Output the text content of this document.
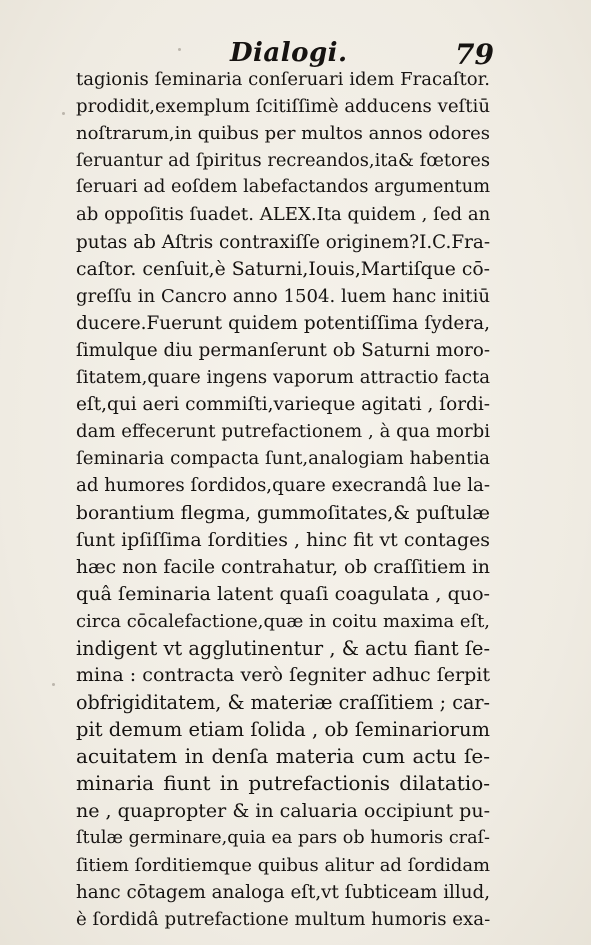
Dialogi.	79
tagionis ſeminaria conſeruari idem Fracaſtor.
prodidit,exemplum ſcitiſſimè adducens veſtiū
noſtrarum,in quibus per multos annos odores
ſeruantur ad ſpiritus recreandos,ita& fœtores
ſeruari ad eoſdem labefactandos argumentum
ab oppoſitis ſuadet. ALEX.Ita quidem , ſed an
putas ab Aſtris contraxiſſe originem?I.C.Fra-
caſtor. cenſuit,è Saturni,Iouis,Martiſque cō-
greſſu in Cancro anno 1504. luem hanc initiū
ducere.Fuerunt quidem potentiſſima ſydera,
ſimulque diu permanſerunt ob Saturni moro-
ſitatem,quare ingens vaporum attractio facta
eſt,qui aeri commiſti,varieque agitati , ſordi-
dam effecerunt putrefactionem , à qua morbi
ſeminaria compacta ſunt,analogiam habentia
ad humores ſordidos,quare execrandâ lue la-
borantium flegma, gummoſitates,& puſtulæ
ſunt ipſiſſima ſordities , hinc fit vt contages
hæc non facile contrahatur, ob craſſitiem in
quâ ſeminaria latent quaſi coagulata , quo-
circa cōcalefactione,quæ in coitu maxima eſt,
indigent vt agglutinentur , & actu fiant ſe-
mina : contracta verò ſegniter adhuc ſerpit
obfrigiditatem, & materiæ craſſitiem ; car-
pit demum etiam ſolida , ob ſeminariorum
acuitatem in denſa materia cum actu ſe-
minaria fiunt in putrefactionis dilatatio-
ne , quapropter & in caluaria occipiunt pu-
ſtulæ germinare,quia ea pars ob humoris craſ-
ſitiem ſorditiemque quibus alitur ad ſordidam
hanc cōtagem analoga eſt,vt ſubticeam illud,
è ſordidâ putrefactione multum humoris exa-
